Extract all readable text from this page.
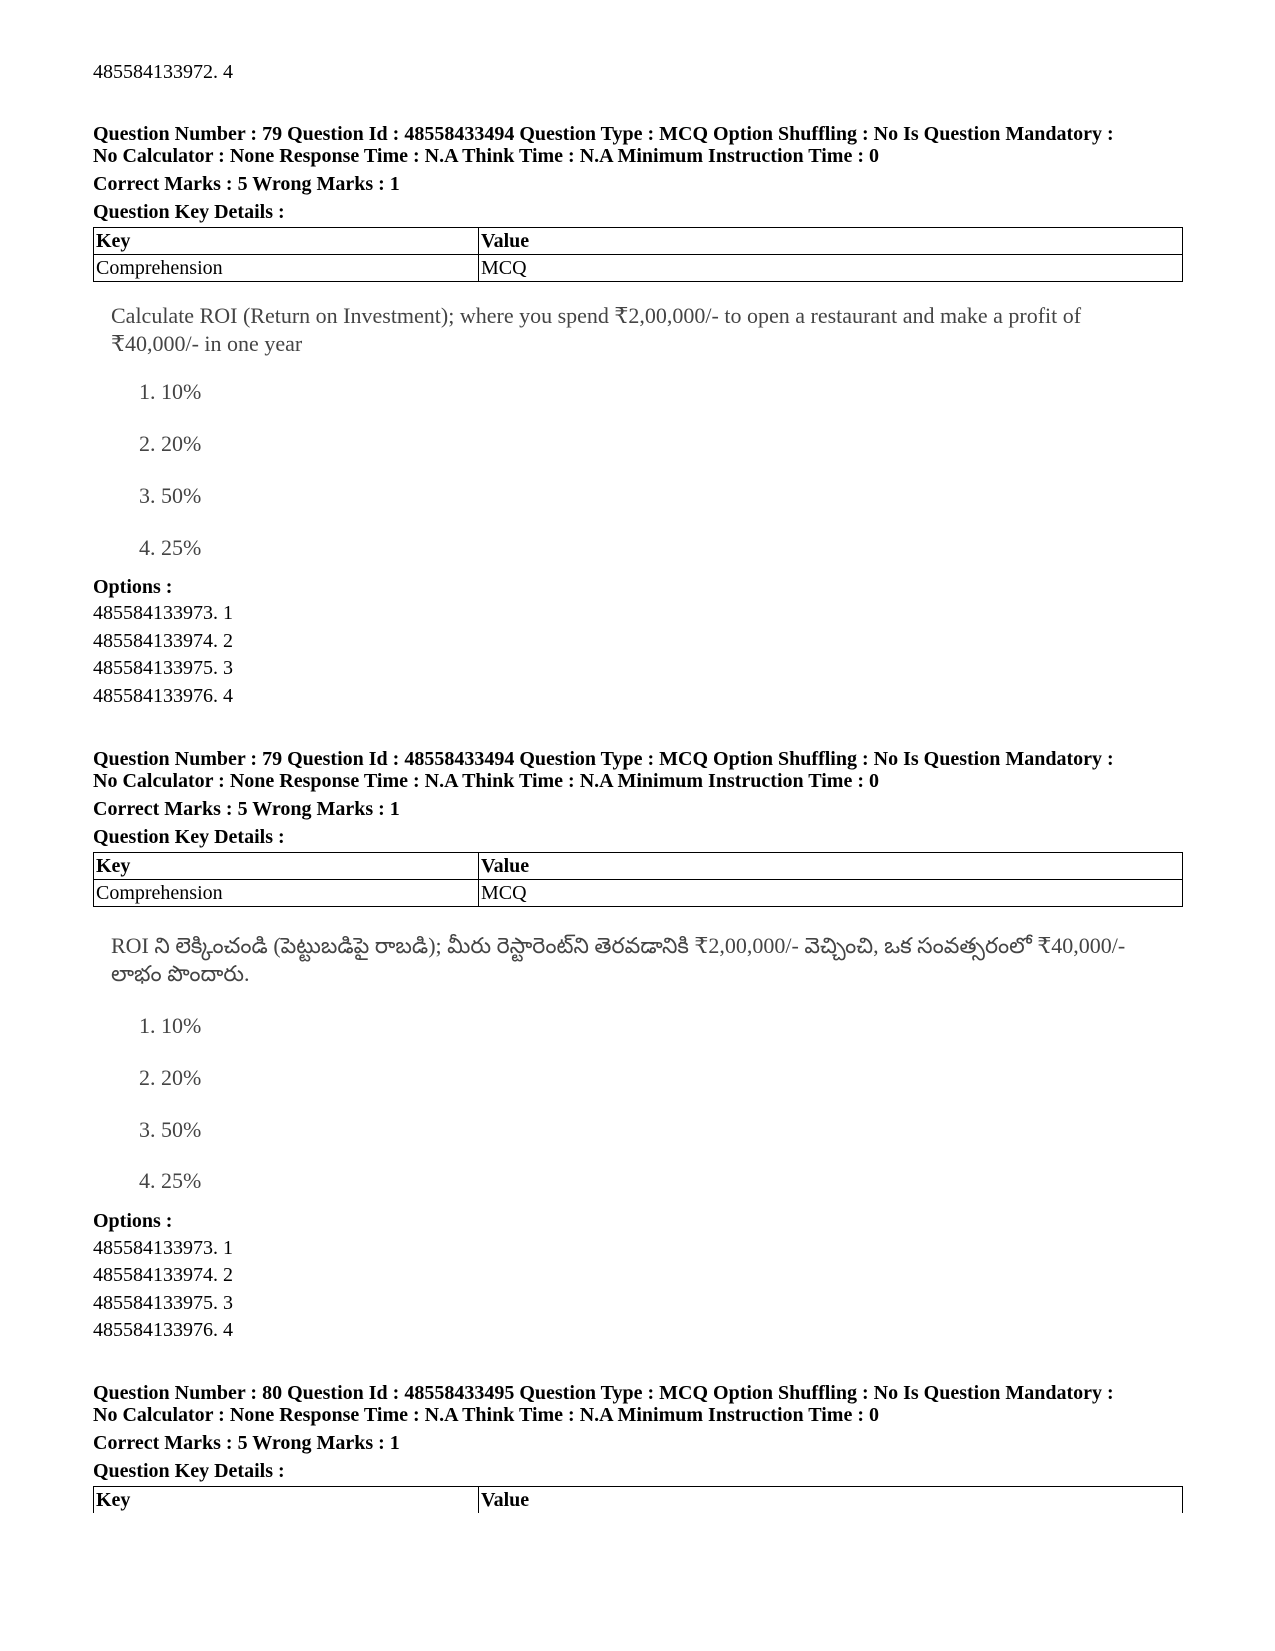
485584133972. 4
Question Number : 79 Question Id : 48558433494 Question Type : MCQ Option Shuffling : No Is Question Mandatory :
No Calculator : None Response Time : N.A Think Time : N.A Minimum Instruction Time : 0
Correct Marks : 5 Wrong Marks : 1
Question Key Details :
Key	Value
Comprehension	MCQ
Calculate ROI (Return on Investment); where you spend ₹2,00,000/- to open a restaurant and make a profit of ₹40,000/- in one year
1. 10%
2. 20%
3. 50%
4. 25%
Options :
485584133973. 1
485584133974. 2
485584133975. 3
485584133976. 4
Question Number : 79 Question Id : 48558433494 Question Type : MCQ Option Shuffling : No Is Question Mandatory :
No Calculator : None Response Time : N.A Think Time : N.A Minimum Instruction Time : 0
Correct Marks : 5 Wrong Marks : 1
Question Key Details :
Key	Value
Comprehension	MCQ
ROI ని లెక్కించండి (పెట్టుబడిపై రాబడి); మీరు రెస్టారెంట్‌ని తెరవడానికి ₹2,00,000/- వెచ్చించి, ఒక సంవత్సరంలో ₹40,000/- లాభం పొందారు.
1. 10%
2. 20%
3. 50%
4. 25%
Options :
485584133973. 1
485584133974. 2
485584133975. 3
485584133976. 4
Question Number : 80 Question Id : 48558433495 Question Type : MCQ Option Shuffling : No Is Question Mandatory :
No Calculator : None Response Time : N.A Think Time : N.A Minimum Instruction Time : 0
Correct Marks : 5 Wrong Marks : 1
Question Key Details :
Key	Value
